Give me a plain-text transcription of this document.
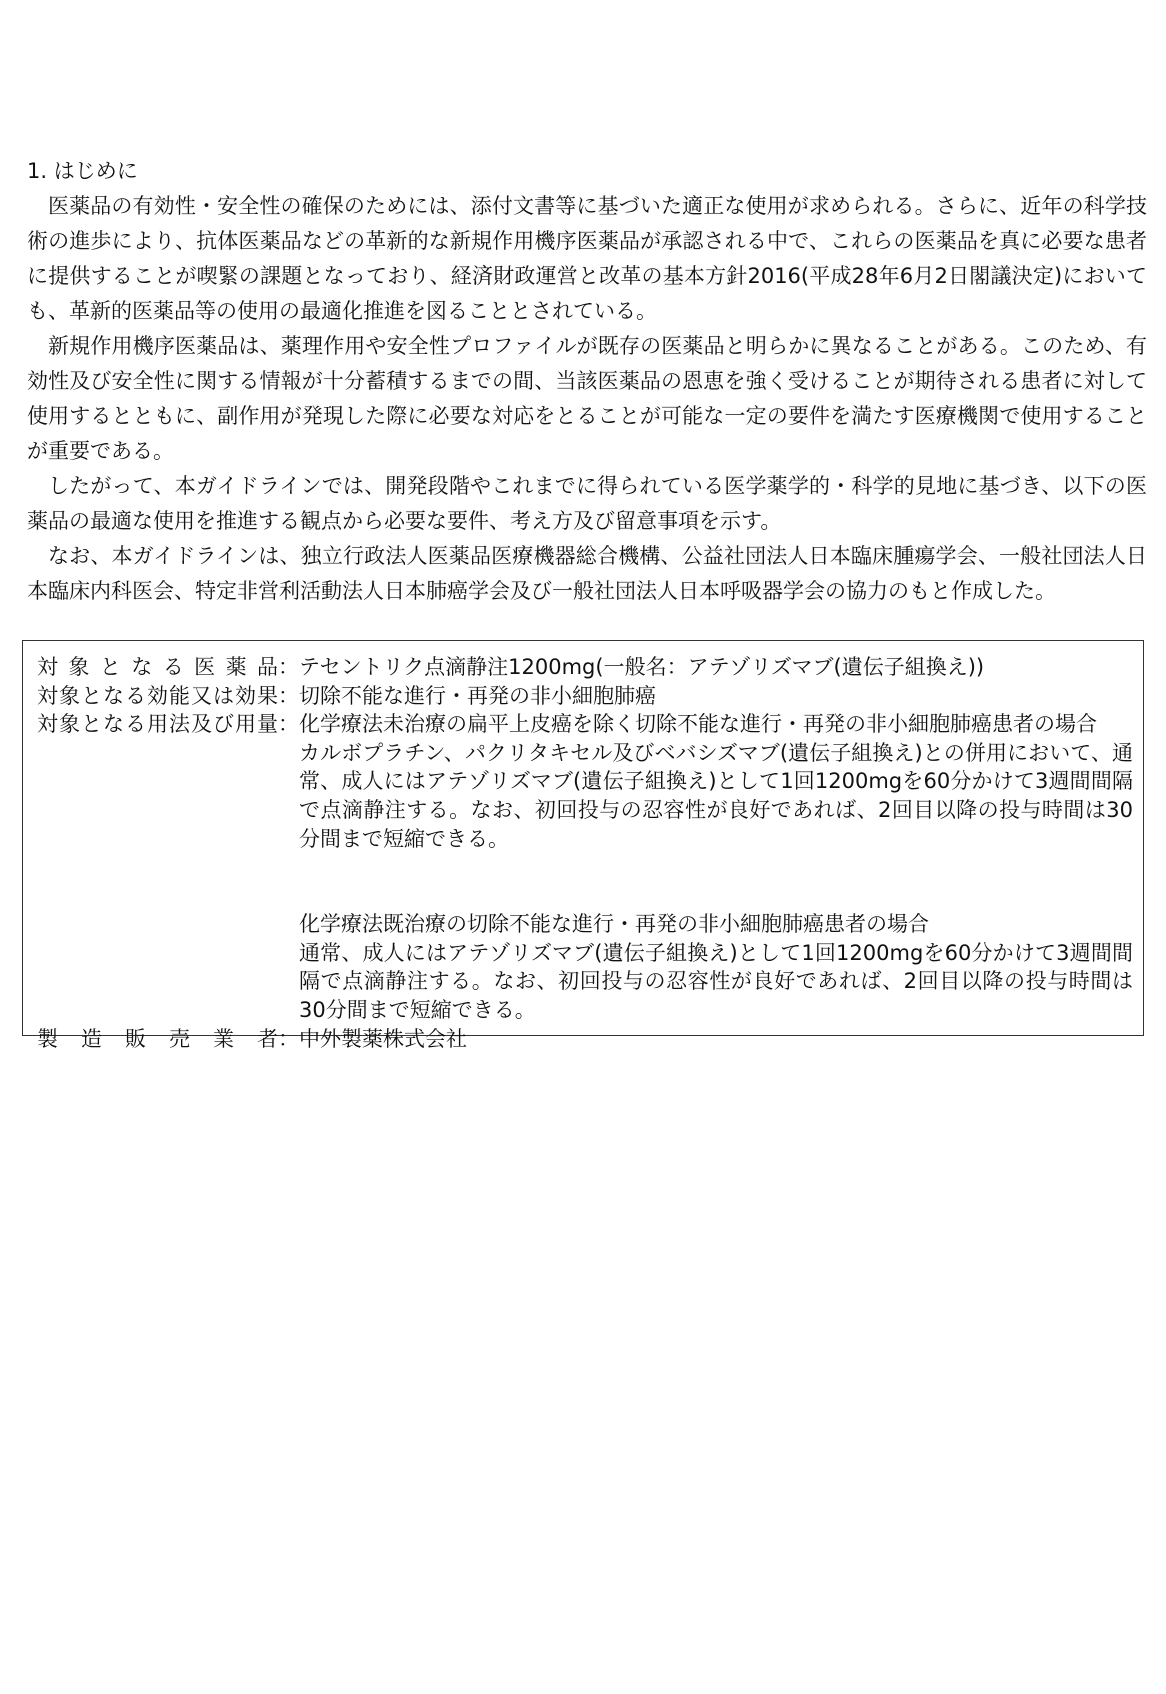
1. はじめに

医薬品の有効性・安全性の確保のためには、添付文書等に基づいた適正な使用が求められる。さらに、近年の科学技術の進歩により、抗体医薬品などの革新的な新規作用機序医薬品が承認される中で、これらの医薬品を真に必要な患者に提供することが喫緊の課題となっており、経済財政運営と改革の基本方針2016(平成28年6月2日閣議決定)においても、革新的医薬品等の使用の最適化推進を図ることとされている。

新規作用機序医薬品は、薬理作用や安全性プロファイルが既存の医薬品と明らかに異なることがある。このため、有効性及び安全性に関する情報が十分蓄積するまでの間、当該医薬品の恩恵を強く受けることが期待される患者に対して使用するとともに、副作用が発現した際に必要な対応をとることが可能な一定の要件を満たす医療機関で使用することが重要である。

したがって、本ガイドラインでは、開発段階やこれまでに得られている医学薬学的・科学的見地に基づき、以下の医薬品の最適な使用を推進する観点から必要な要件、考え方及び留意事項を示す。

なお、本ガイドラインは、独立行政法人医薬品医療機器総合機構、公益社団法人日本臨床腫瘍学会、一般社団法人日本臨床内科医会、特定非営利活動法人日本肺癌学会及び一般社団法人日本呼吸器学会の協力のもと作成した。

対象となる医薬品 ： テセントリク点滴静注1200mg(一般名：アテゾリズマブ(遺伝子組換え))
対象となる効能又は効果 ： 切除不能な進行・再発の非小細胞肺癌
対象となる用法及び用量 ： 化学療法未治療の扁平上皮癌を除く切除不能な進行・再発の非小細胞肺癌患者の場合
カルボプラチン、パクリタキセル及びベバシズマブ(遺伝子組換え)との併用において、通常、成人にはアテゾリズマブ(遺伝子組換え)として1回1200mgを60分かけて3週間間隔で点滴静注する。なお、初回投与の忍容性が良好であれば、2回目以降の投与時間は30分間まで短縮できる。
化学療法既治療の切除不能な進行・再発の非小細胞肺癌患者の場合
通常、成人にはアテゾリズマブ(遺伝子組換え)として1回1200mgを60分かけて3週間間隔で点滴静注する。なお、初回投与の忍容性が良好であれば、2回目以降の投与時間は30分間まで短縮できる。
製造販売業者 ： 中外製薬株式会社
